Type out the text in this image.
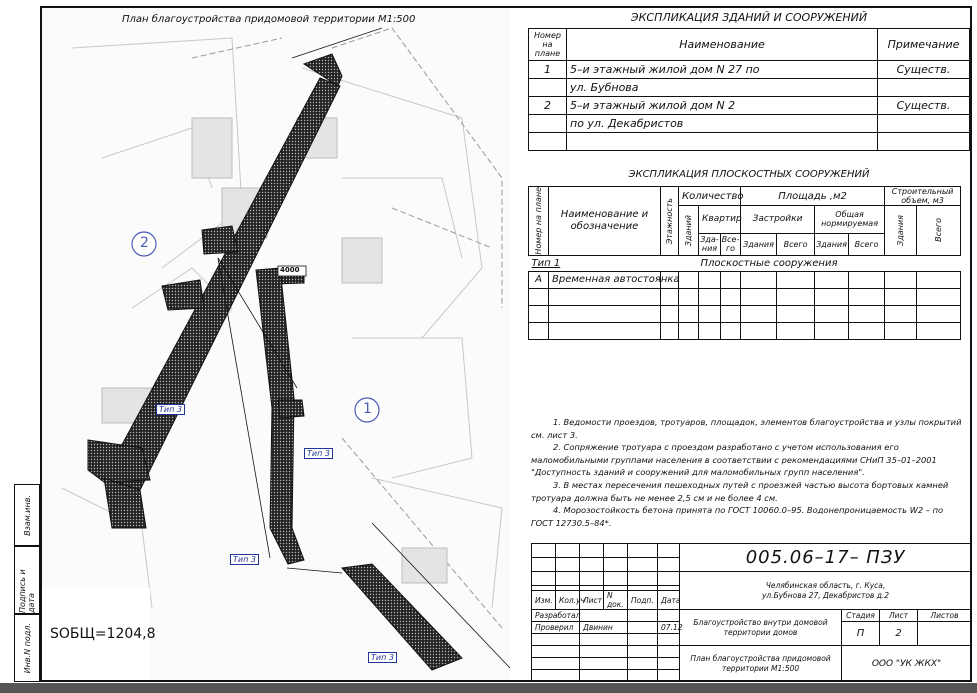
Взам.инв.
Подпись и дата
Инв.N подл.
План благоустройства придомовой территории М1:500
2
1
4000
Тип 3
Тип 3
Тип 3
Тип 3
SОБЩ=1204,8
ЭКСПЛИКАЦИЯ ЗДАНИЙ И СООРУЖЕНИЙ
Номер на плане	Наименование	Примечание
1	5–и этажный жилой дом N 27 по	Существ.
	ул. Бубнова	
2	5–и этажный жилой дом N 2	Существ.
	по ул. Декабристов	

ЭКСПЛИКАЦИЯ ПЛОСКОСТНЫХ СООРУЖЕНИЙ
Номер на плане	Наименование и обозначение	Этажность	Количество			Площадь ,м2				Строительный объем, м3	

			Зданий	Квартир		Застройки		Общая нормируемая		Здания	Всего

				Зда-ния	Все-го	Здания	Всего	Здания	Всего		
Тип 1		Плоскостные сооружения									
А	Временная автостоянка										

1. Ведомости проездов, тротуаров, площадок, элементов благоустройства и узлы покрытий см. лист 3.

2. Сопряжение тротуара с проездом разработано с учетом использования его маломобильными группами населения в соответствии с рекомендациями СНиП 35–01–2001 "Доступность зданий и сооружений для маломобильных групп населения".

3. В местах пересечения пешеходных путей с проезжей частью высота бортовых камней тротуара должна быть не менее 2,5 см и не более 4 см.

4. Морозостойкость бетона принята по ГОСТ 10060.0–95. Водонепроницаемость W2 – по ГОСТ 12730.5–84*.

						005.06–17– ПЗУ			

						Челябинская область, г. Куса,
ул.Бубнова 27, Декабристов д.2			

Изм.	Кол.уч	Лист	N док.	Подп.	Дата				
Разработал						Благоустройство внутри домовой территории домов	Стадия	Лист	Листов
Проверил		Двинин			07.12		П	2	

						План благоустройства придомовой территории М1:500	ООО "УК ЖКХ"		
